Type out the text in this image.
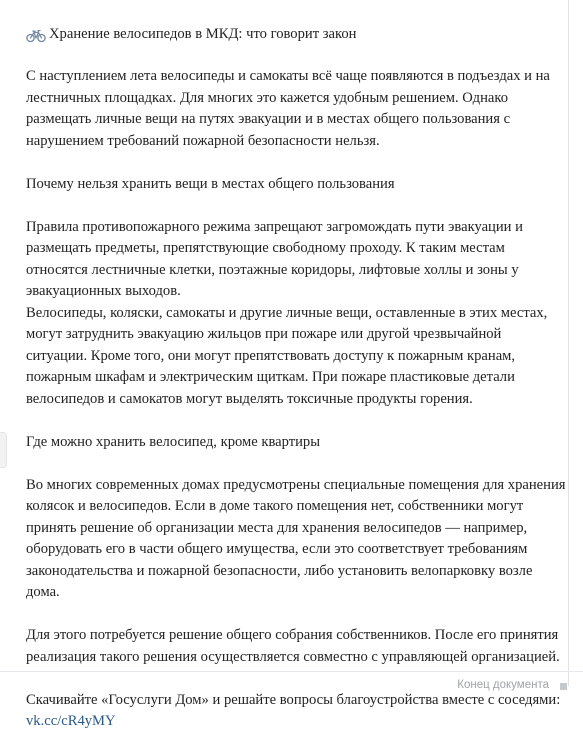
Хранение велосипедов в МКД: что говорит закон

С наступлением лета велосипеды и самокаты всё чаще появляются в подъездах и на лестничных площадках. Для многих это кажется удобным решением. Однако размещать личные вещи на путях эвакуации и в местах общего пользования с нарушением требований пожарной безопасности нельзя.

Почему нельзя хранить вещи в местах общего пользования

Правила противопожарного режима запрещают загромождать пути эвакуации и размещать предметы, препятствующие свободному проходу. К таким местам относятся лестничные клетки, поэтажные коридоры, лифтовые холлы и зоны у эвакуационных выходов.

Велосипеды, коляски, самокаты и другие личные вещи, оставленные в этих местах, могут затруднить эвакуацию жильцов при пожаре или другой чрезвычайной ситуации. Кроме того, они могут препятствовать доступу к пожарным кранам, пожарным шкафам и электрическим щиткам. При пожаре пластиковые детали велосипедов и самокатов могут выделять токсичные продукты горения.

Где можно хранить велосипед, кроме квартиры

Во многих современных домах предусмотрены специальные помещения для хранения колясок и велосипедов. Если в доме такого помещения нет, собственники могут принять решение об организации места для хранения велосипедов — например, оборудовать его в части общего имущества, если это соответствует требованиям законодательства и пожарной безопасности, либо установить велопарковку возле дома.

Для этого потребуется решение общего собрания собственников. После его принятия реализация такого решения осуществляется совместно с управляющей организацией.

Скачивайте «Госуслуги Дом» и решайте вопросы благоустройства вместе с соседями: vk.cc/cR4yMY

Конец документа
